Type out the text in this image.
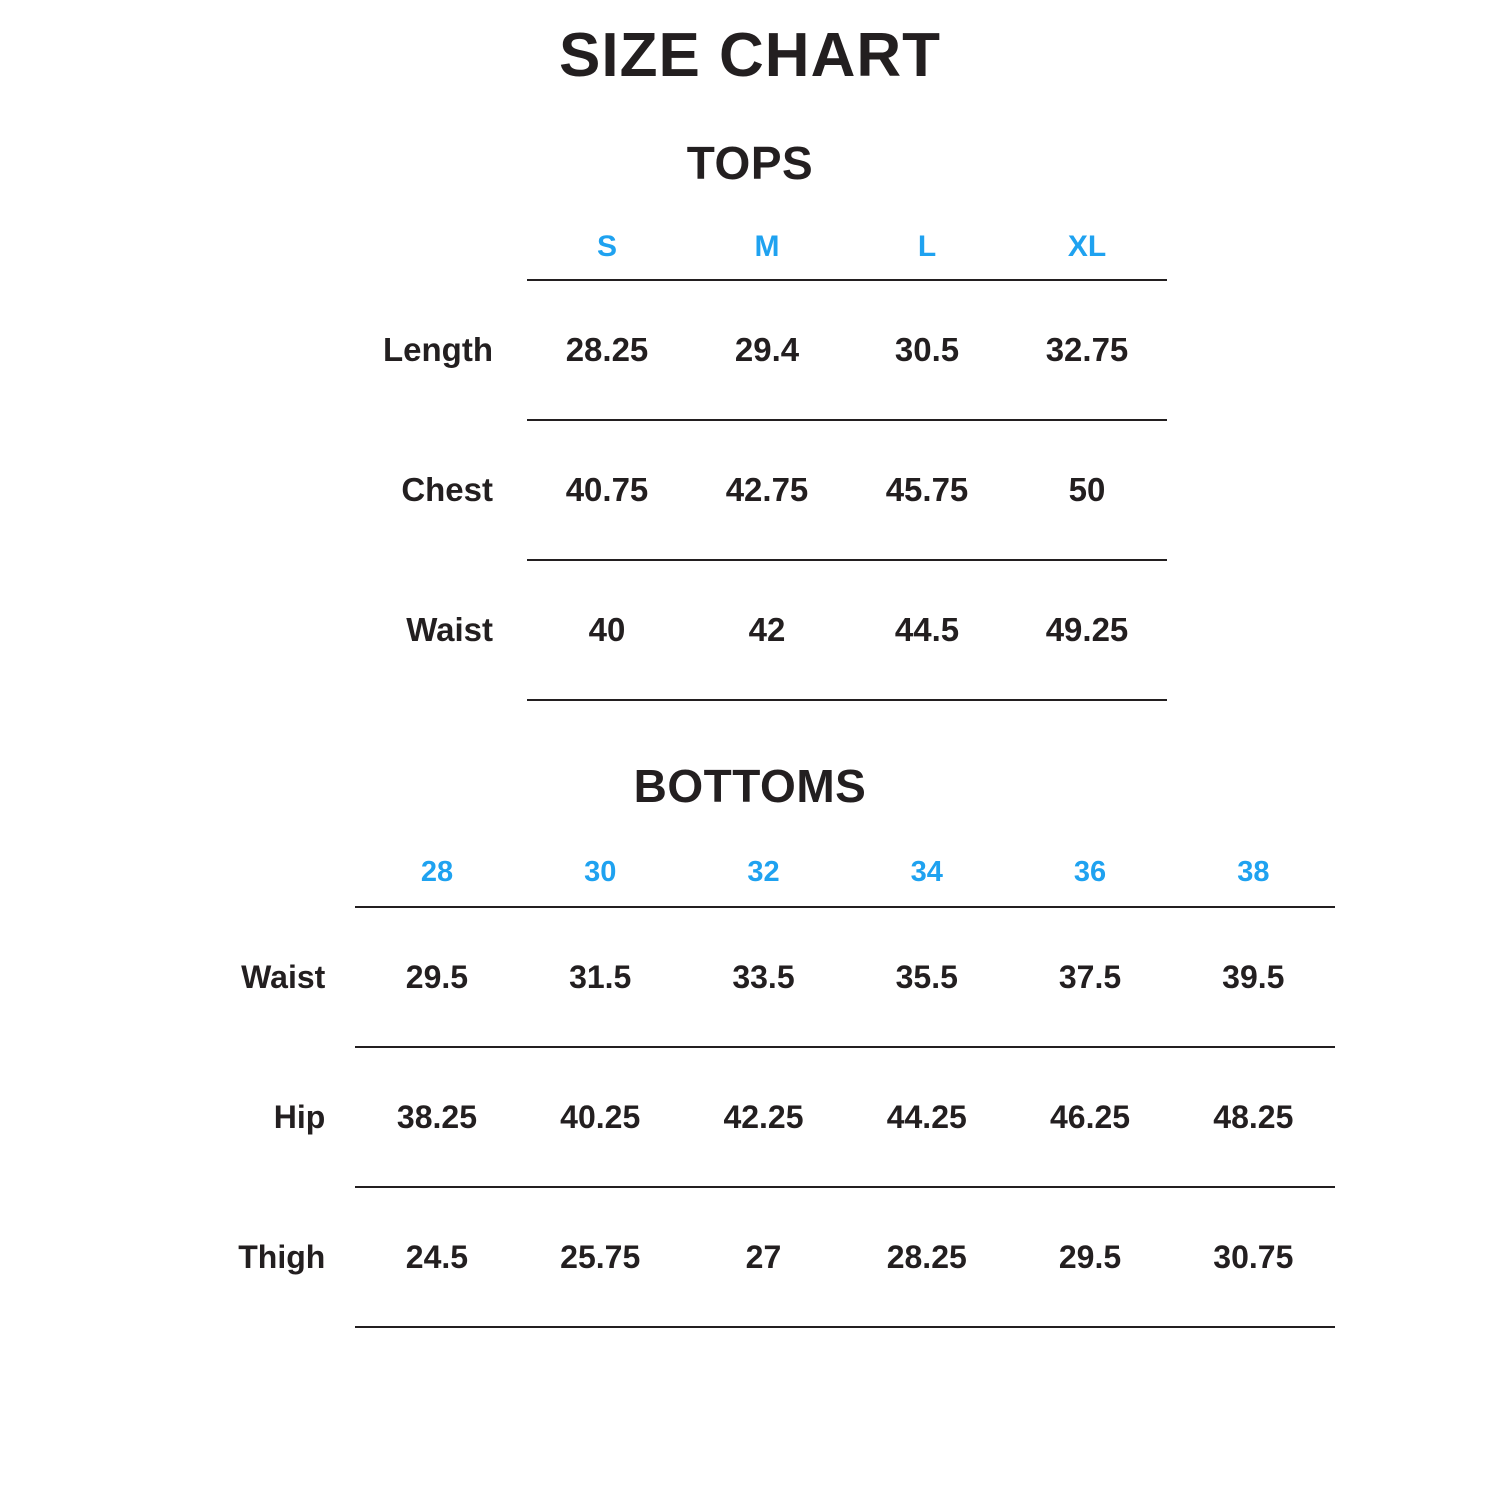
SIZE CHART
TOPS
	S	M	L	XL
Length	28.25	29.4	30.5	32.75
Chest	40.75	42.75	45.75	50
Waist	40	42	44.5	49.25
BOTTOMS
	28	30	32	34	36	38
Waist	29.5	31.5	33.5	35.5	37.5	39.5
Hip	38.25	40.25	42.25	44.25	46.25	48.25
Thigh	24.5	25.75	27	28.25	29.5	30.75
